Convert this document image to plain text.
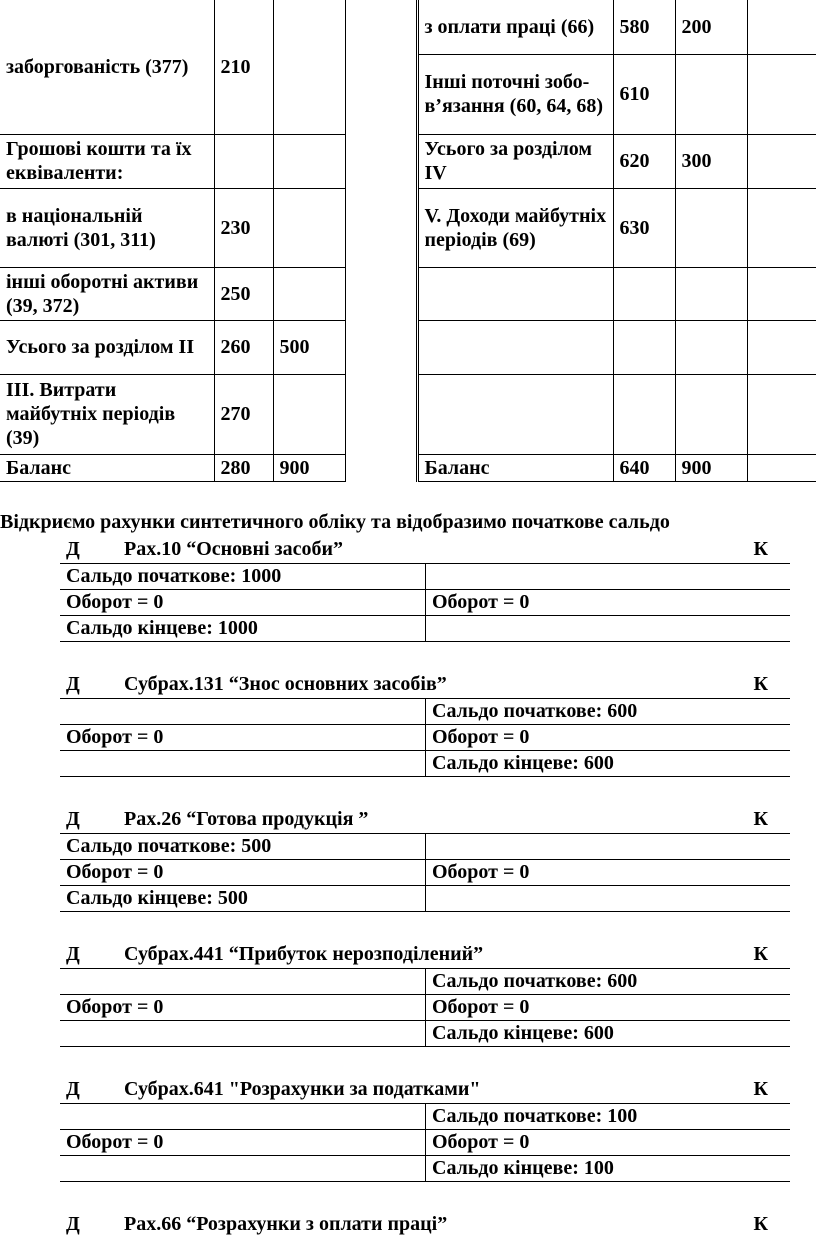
заборгованість (377)	210			з оплати праці (66)	580	200	
				Інші поточні зобо-в’язання (60, 64, 68)	610		
Грошові кошти та їх еквіваленти:				Усього за розділом IV	620	300	
в національній валюті (301, 311)	230			V. Доходи майбутніх періодів (69)	630		
інші оборотні активи (39, 372)	250						
Усього за розділом ІІ	260	500					
ІІІ. Витрати майбутніх періодів (39)	270						
Баланс	280	900		Баланс	640	900	
Відкриємо рахунки синтетичного обліку та відобразимо початкове сальдо
Д Рах.10 “Основні засоби”	К
Сальдо початкове: 1000	
Оборот = 0	Оборот = 0
Сальдо кінцеве: 1000	
Д Субрах.131 “Знос основних засобів”	К
	Сальдо початкове: 600
Оборот = 0	Оборот = 0
	Сальдо кінцеве: 600
Д Рах.26 “Готова продукція ”	К
Сальдо початкове: 500	
Оборот = 0	Оборот = 0
Сальдо кінцеве: 500	
Д Субрах.441 “Прибуток нерозподілений”	К
	Сальдо початкове: 600
Оборот = 0	Оборот = 0
	Сальдо кінцеве: 600
Д Субрах.641 "Розрахунки за податками"	К
	Сальдо початкове: 100
Оборот = 0	Оборот = 0
	Сальдо кінцеве: 100
Д Рах.66 “Розрахунки з оплати праці”	К
